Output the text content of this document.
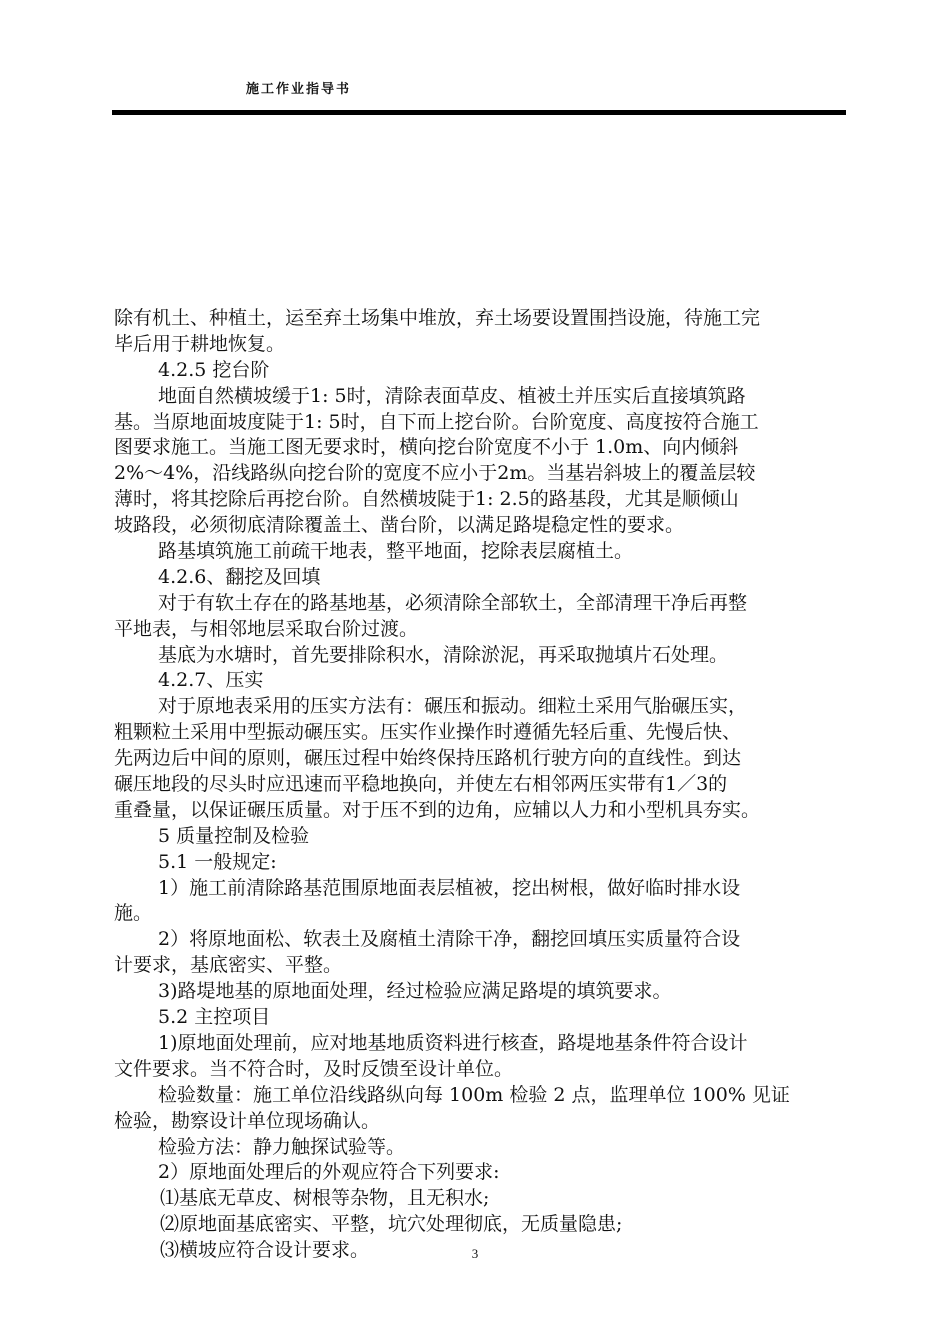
施工作业指导书
除有机土、种植土，运至弃土场集中堆放，弃土场要设置围挡设施，待施工完
毕后用于耕地恢复。
4.2.5 挖台阶
地面自然横坡缓于1: 5时，清除表面草皮、植被土并压实后直接填筑路
基。当原地面坡度陡于1: 5时，自下而上挖台阶。台阶宽度、高度按符合施工
图要求施工。当施工图无要求时，横向挖台阶宽度不小于 1.0m、向内倾斜
2%～4%，沿线路纵向挖台阶的宽度不应小于2m。当基岩斜坡上的覆盖层较
薄时，将其挖除后再挖台阶。自然横坡陡于1: 2.5的路基段，尤其是顺倾山
坡路段，必须彻底清除覆盖土、凿台阶，以满足路堤稳定性的要求。
路基填筑施工前疏干地表，整平地面，挖除表层腐植土。
4.2.6、翻挖及回填
对于有软土存在的路基地基，必须清除全部软土，全部清理干净后再整
平地表，与相邻地层采取台阶过渡。
基底为水塘时，首先要排除积水，清除淤泥，再采取抛填片石处理。
4.2.7、压实
对于原地表采用的压实方法有：碾压和振动。细粒土采用气胎碾压实，
粗颗粒土采用中型振动碾压实。压实作业操作时遵循先轻后重、先慢后快、
先两边后中间的原则，碾压过程中始终保持压路机行驶方向的直线性。到达
碾压地段的尽头时应迅速而平稳地换向，并使左右相邻两压实带有1／3的
重叠量，以保证碾压质量。对于压不到的边角，应辅以人力和小型机具夯实。
5 质量控制及检验
5.1 一般规定:
1）施工前清除路基范围原地面表层植被，挖出树根，做好临时排水设
施。
2）将原地面松、软表土及腐植土清除干净，翻挖回填压实质量符合设
计要求，基底密实、平整。
3)路堤地基的原地面处理，经过检验应满足路堤的填筑要求。
5.2 主控项目
1)原地面处理前，应对地基地质资料进行核查，路堤地基条件符合设计
文件要求。当不符合时，及时反馈至设计单位。
检验数量：施工单位沿线路纵向每 100m 检验 2 点，监理单位 100% 见证
检验，勘察设计单位现场确认。
检验方法：静力触探试验等。
2）原地面处理后的外观应符合下列要求:
⑴基底无草皮、树根等杂物，且无积水;
⑵原地面基底密实、平整，坑穴处理彻底，无质量隐患;
⑶横坡应符合设计要求。	3
